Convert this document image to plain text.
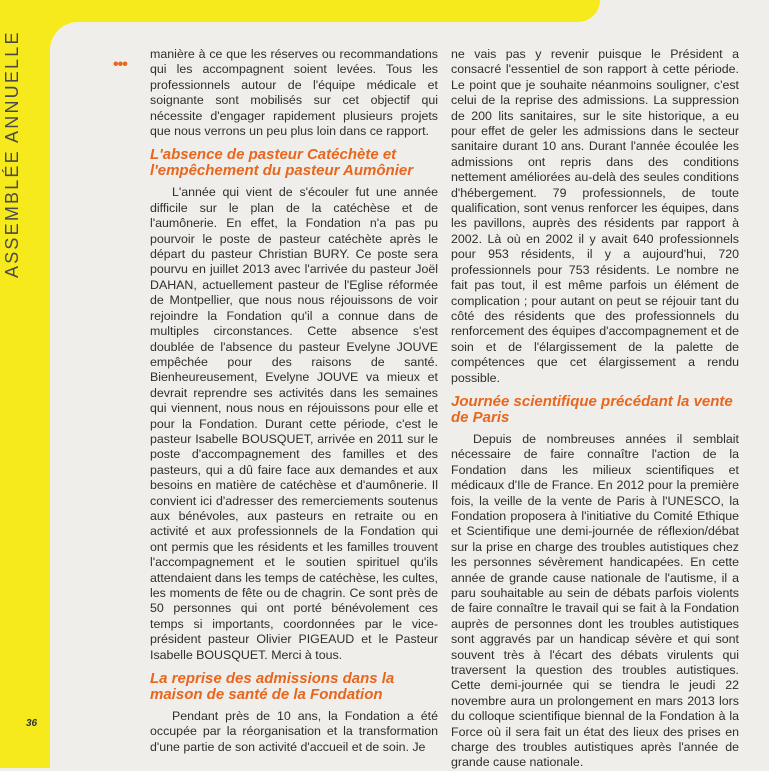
ASSEMBLÉE ANNUELLE
36
•••

manière à ce que les réserves ou recommandations qui les accompagnent soient levées. Tous les professionnels autour de l'équipe médicale et soignante sont mobilisés sur cet objectif qui nécessite d'engager rapidement plusieurs projets que nous verrons un peu plus loin dans ce rapport.

L'absence de pasteur Catéchète et l'empêchement du pasteur Aumônier

L'année qui vient de s'écouler fut une année difficile sur le plan de la catéchèse et de l'aumônerie. En effet, la Fondation n'a pas pu pourvoir le poste de pasteur catéchète après le départ du pasteur Christian BURY. Ce poste sera pourvu en juillet 2013 avec l'arrivée du pasteur Joël DAHAN, actuellement pasteur de l'Eglise réformée de Montpellier, que nous nous réjouissons de voir rejoindre la Fondation qu'il a connue dans de multiples circonstances. Cette absence s'est doublée de l'absence du pasteur Evelyne JOUVE empêchée pour des raisons de santé. Bienheureusement, Evelyne JOUVE va mieux et devrait reprendre ses activités dans les semaines qui viennent, nous nous en réjouissons pour elle et pour la Fondation. Durant cette période, c'est le pasteur Isabelle BOUSQUET, arrivée en 2011 sur le poste d'accompagnement des familles et des pasteurs, qui a dû faire face aux demandes et aux besoins en matière de catéchèse et d'aumônerie. Il convient ici d'adresser des remerciements soutenus aux bénévoles, aux pasteurs en retraite ou en activité et aux professionnels de la Fondation qui ont permis que les résidents et les familles trouvent l'accompagnement et le soutien spirituel qu'ils attendaient dans les temps de catéchèse, les cultes, les moments de fête ou de chagrin. Ce sont près de 50 personnes qui ont porté bénévolement ces temps si importants, coordonnées par le vice-président pasteur Olivier PIGEAUD et le Pasteur Isabelle BOUSQUET. Merci à tous.

La reprise des admissions dans la maison de santé de la Fondation

Pendant près de 10 ans, la Fondation a été occupée par la réorganisation et la transformation d'une partie de son activité d'accueil et de soin. Je

ne vais pas y revenir puisque le Président a consacré l'essentiel de son rapport à cette période. Le point que je souhaite néanmoins souligner, c'est celui de la reprise des admissions. La suppression de 200 lits sanitaires, sur le site historique, a eu pour effet de geler les admissions dans le secteur sanitaire durant 10 ans. Durant l'année écoulée les admissions ont repris dans des conditions nettement améliorées au-delà des seules conditions d'hébergement. 79 professionnels, de toute qualification, sont venus renforcer les équipes, dans les pavillons, auprès des résidents par rapport à 2002. Là où en 2002 il y avait 640 professionnels pour 953 résidents, il y a aujourd'hui, 720 professionnels pour 753 résidents. Le nombre ne fait pas tout, il est même parfois un élément de complication ; pour autant on peut se réjouir tant du côté des résidents que des professionnels du renforcement des équipes d'accompagnement et de soin et de l'élargissement de la palette de compétences que cet élargissement a rendu possible.

Journée scientifique précédant la vente de Paris

Depuis de nombreuses années il semblait nécessaire de faire connaître l'action de la Fondation dans les milieux scientifiques et médicaux d'Ile de France. En 2012 pour la première fois, la veille de la vente de Paris à l'UNESCO, la Fondation proposera à l'initiative du Comité Ethique et Scientifique une demi-journée de réflexion/débat sur la prise en charge des troubles autistiques chez les personnes sévèrement handicapées. En cette année de grande cause nationale de l'autisme, il a paru souhaitable au sein de débats parfois violents de faire connaître le travail qui se fait à la Fondation auprès de personnes dont les troubles autistiques sont aggravés par un handicap sévère et qui sont souvent très à l'écart des débats virulents qui traversent la question des troubles autistiques. Cette demi-journée qui se tiendra le jeudi 22 novembre aura un prolongement en mars 2013 lors du colloque scientifique biennal de la Fondation à la Force où il sera fait un état des lieux des prises en charge des troubles autistiques après l'année de grande cause nationale.
